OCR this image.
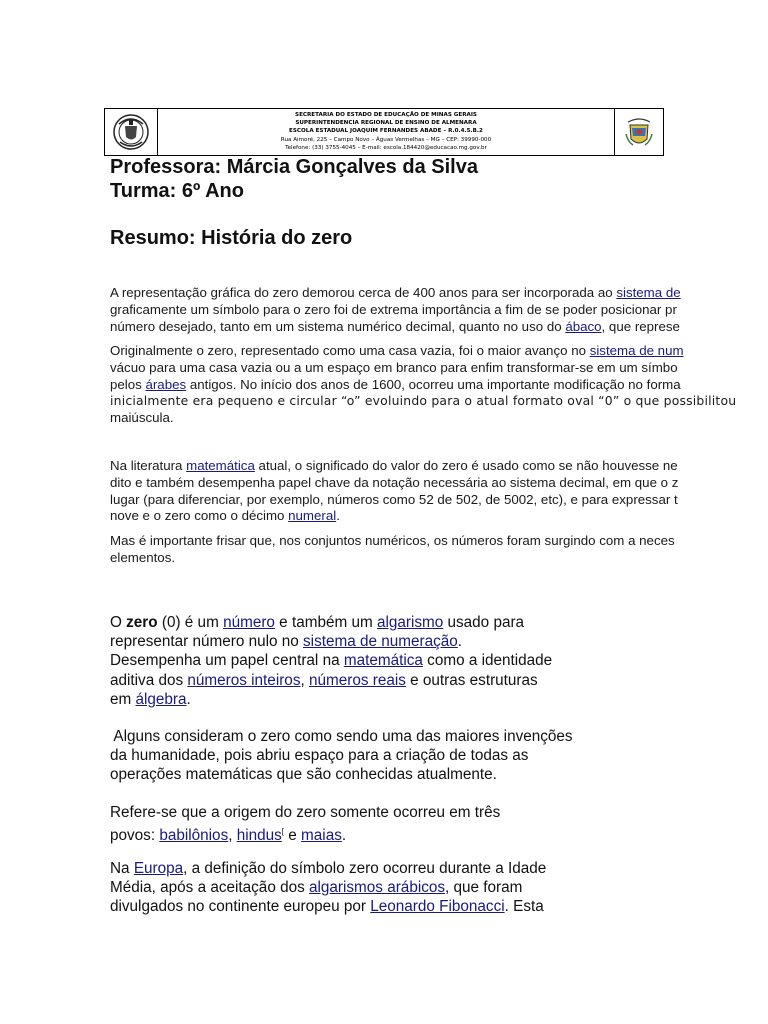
SECRETARIA DO ESTADO DE EDUCAÇÃO DE MINAS GERAIS
SUPERINTENDENCIA REGIONAL DE ENSINO DE ALMENARA
ESCOLA ESTADUAL JOAQUIM FERNANDES ABADE – R.0.4.5.B.2
Rua Aimoré, 225 – Campo Novo – Águas Vermelhas – MG – CEP: 39990-000
Telefone: (33) 3755-4045 – E-mail: escola.184420@educacao.mg.gov.br
Professora: Márcia Gonçalves da Silva
Turma: 6º Ano
Resumo: História do zero

A representação gráfica do zero demorou cerca de 400 anos para ser incorporada ao sistema de
graficamente um símbolo para o zero foi de extrema importância a fim de se poder posicionar pr
número desejado, tanto em um sistema numérico decimal, quanto no uso do ábaco, que represe

Originalmente o zero, representado como uma casa vazia, foi o maior avanço no sistema de num
vácuo para uma casa vazia ou a um espaço em branco para enfim transformar-se em um símbo
pelos árabes antigos. No início dos anos de 1600, ocorreu uma importante modificação no forma
inicialmente era pequeno e circular “o” evoluindo para o atual formato oval “0” o que possibilitou
maiúscula.

Na literatura matemática atual, o significado do valor do zero é usado como se não houvesse ne
dito e também desempenha papel chave da notação necessária ao sistema decimal, em que o z
lugar (para diferenciar, por exemplo, números como 52 de 502, de 5002, etc), e para expressar t
nove e o zero como o décimo numeral.

Mas é importante frisar que, nos conjuntos numéricos, os números foram surgindo com a neces
elementos.

O zero (0) é um número e também um algarismo usado para
representar número nulo no sistema de numeração.
Desempenha um papel central na matemática como a identidade
aditiva dos números inteiros, números reais e outras estruturas
em álgebra.

Alguns consideram o zero como sendo uma das maiores invenções
da humanidade, pois abriu espaço para a criação de todas as
operações matemáticas que são conhecidas atualmente.

Refere-se que a origem do zero somente ocorreu em três
povos: babilônios, hindus[ e maias.

Na Europa, a definição do símbolo zero ocorreu durante a Idade
Média, após a aceitação dos algarismos arábicos, que foram
divulgados no continente europeu por Leonardo Fibonacci. Esta
